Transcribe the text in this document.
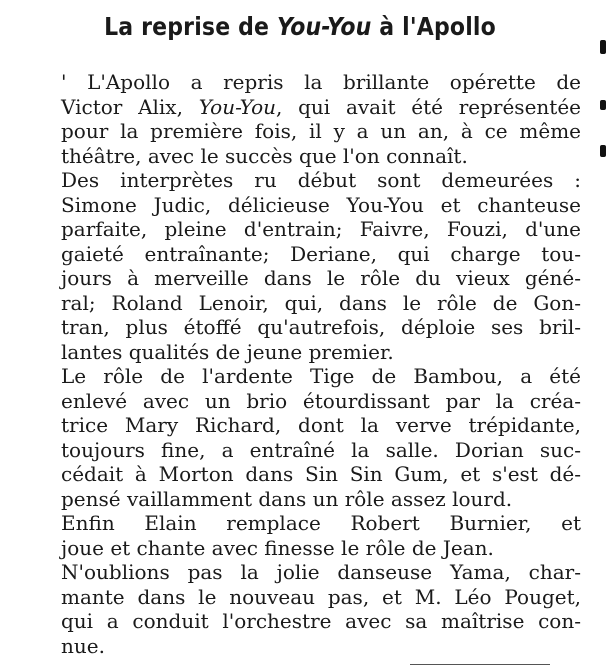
La reprise de You-You à l'Apollo
' L'Apollo a repris la brillante opérette de
Victor Alix, You-You, qui avait été représentée
pour la première fois, il y a un an, à ce même
théâtre, avec le succès que l'on connaît.
Des interprètes ru début sont demeurées :
Simone Judic, délicieuse You-You et chanteuse
parfaite, pleine d'entrain; Faivre, Fouzi, d'une
gaieté entraînante; Deriane, qui charge tou-
jours à merveille dans le rôle du vieux géné-
ral; Roland Lenoir, qui, dans le rôle de Gon-
tran, plus étoffé qu'autrefois, déploie ses bril-
lantes qualités de jeune premier.
Le rôle de l'ardente Tige de Bambou, a été
enlevé avec un brio étourdissant par la créa-
trice Mary Richard, dont la verve trépidante,
toujours fine, a entraîné la salle. Dorian suc-
cédait à Morton dans Sin Sin Gum, et s'est dé-
pensé vaillamment dans un rôle assez lourd.
Enfin Elain remplace Robert Burnier, et
joue et chante avec finesse le rôle de Jean.
N'oublions pas la jolie danseuse Yama, char-
mante dans le nouveau pas, et M. Léo Pouget,
qui a conduit l'orchestre avec sa maîtrise con-
nue.
